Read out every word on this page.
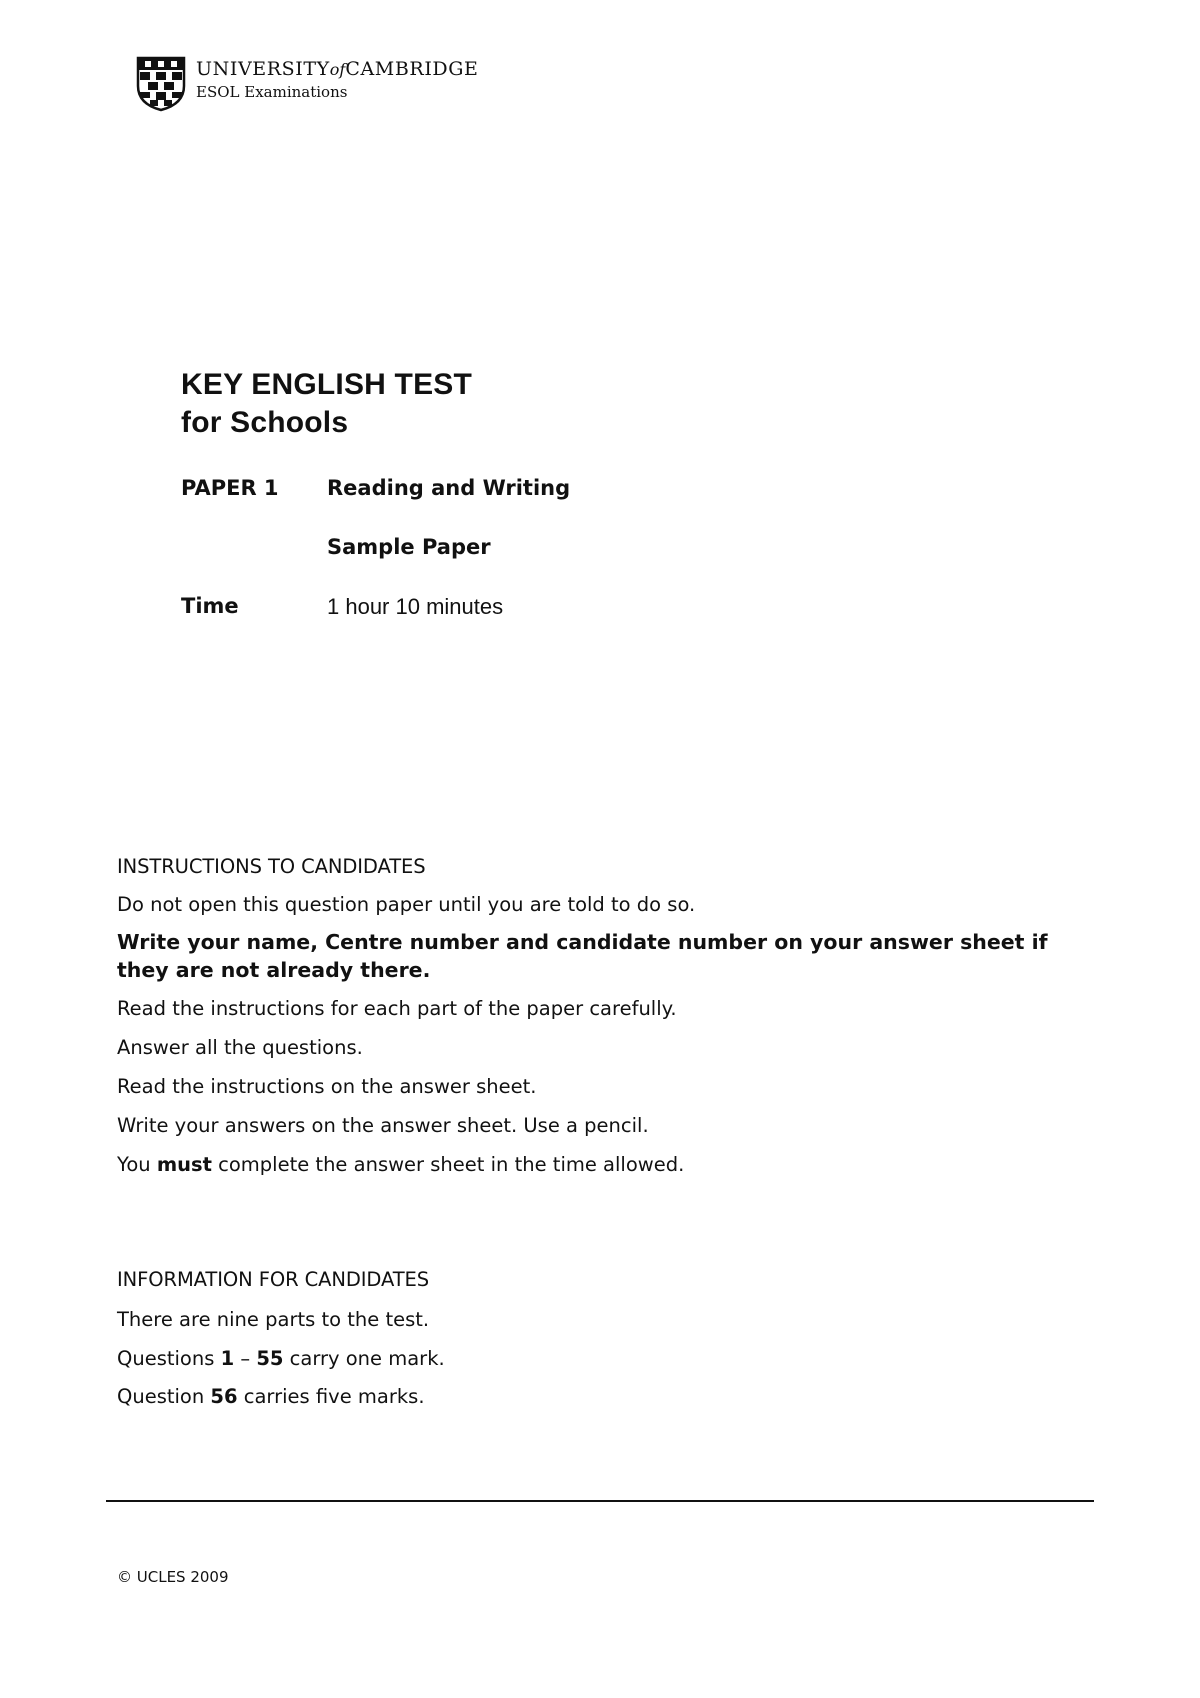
UNIVERSITYofCAMBRIDGE
ESOL Examinations
KEY ENGLISH TEST
for Schools
PAPER 1 Reading and Writing
Sample Paper
Time	1 hour 10 minutes

INSTRUCTIONS TO CANDIDATES

Do not open this question paper until you are told to do so.

Write your name, Centre number and candidate number on your answer sheet if they are not already there.

Read the instructions for each part of the paper carefully.

Answer all the questions.

Read the instructions on the answer sheet.

Write your answers on the answer sheet. Use a pencil.

You must complete the answer sheet in the time allowed.

INFORMATION FOR CANDIDATES

There are nine parts to the test.

Questions 1 – 55 carry one mark.

Question 56 carries five marks.

© UCLES 2009
